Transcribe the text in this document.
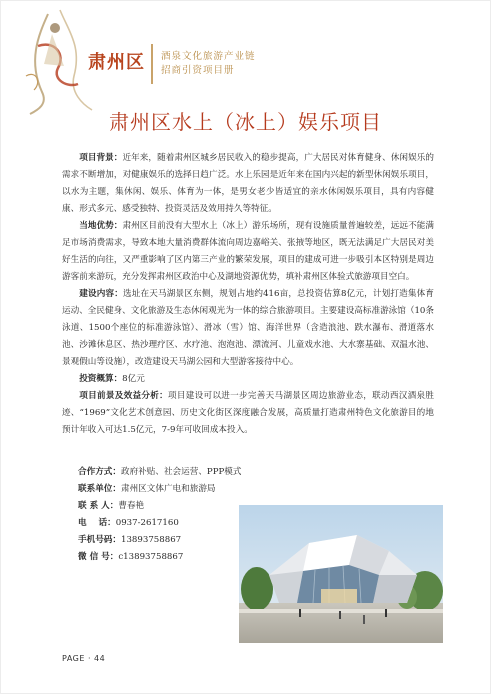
肃州区 酒泉文化旅游产业链
招商引资项目册
肃州区水上（冰上）娱乐项目

项目背景：近年来，随着肃州区城乡居民收入的稳步提高，广大居民对体育健身、休闲娱乐的需求不断增加，对健康娱乐的选择日趋广泛。水上乐园是近年来在国内兴起的新型休闲娱乐项目，以水为主题，集休闲、娱乐、体育为一体，是男女老少皆适宜的亲水休闲娱乐项目，具有内容健康、形式多元、感受独特、投资灵活及效用持久等特征。

当地优势：肃州区目前没有大型水上（冰上）游乐场所，现有设施质量普遍较差，远远不能满足市场消费需求，导致本地大量消费群体流向周边嘉峪关、张掖等地区，既无法满足广大居民对美好生活的向往，又严重影响了区内第三产业的繁荣发展，项目的建成可进一步吸引本区特别是周边游客前来游玩，充分发挥肃州区政治中心及湖地资源优势，填补肃州区体验式旅游项目空白。

建设内容：选址在天马湖景区东侧，规划占地约416亩，总投资估算8亿元，计划打造集体育运动、全民健身、文化旅游及生态休闲观光为一体的综合旅游项目。主要建设高标准游泳馆（10条泳道、1500个座位的标准游泳馆）、滑冰（雪）馆、海洋世界（含造浪池、跌水瀑布、滑道落水池、沙滩休息区、热沙理疗区、水疗池、泡泡池、漂流河、儿童戏水池、大水寨基础、双温水池、景观假山等设施），改造建设天马湖公园和大型游客接待中心。

投资概算：8亿元

项目前景及效益分析：项目建设可以进一步完善天马湖景区周边旅游业态，联动西汉酒泉胜迹、“1969”文化艺术创意园、历史文化街区深度融合发展，高质量打造肃州特色文化旅游目的地预计年收入可达1.5亿元，7-9年可收回成本投入。

合作方式：政府补贴、社会运营、PPP模式
联系单位：肃州区文体广电和旅游局
联 系 人：曹春艳
电    话：0937-2617160
手机号码：13893758867
微 信 号：c13893758867
PAGE · 44
